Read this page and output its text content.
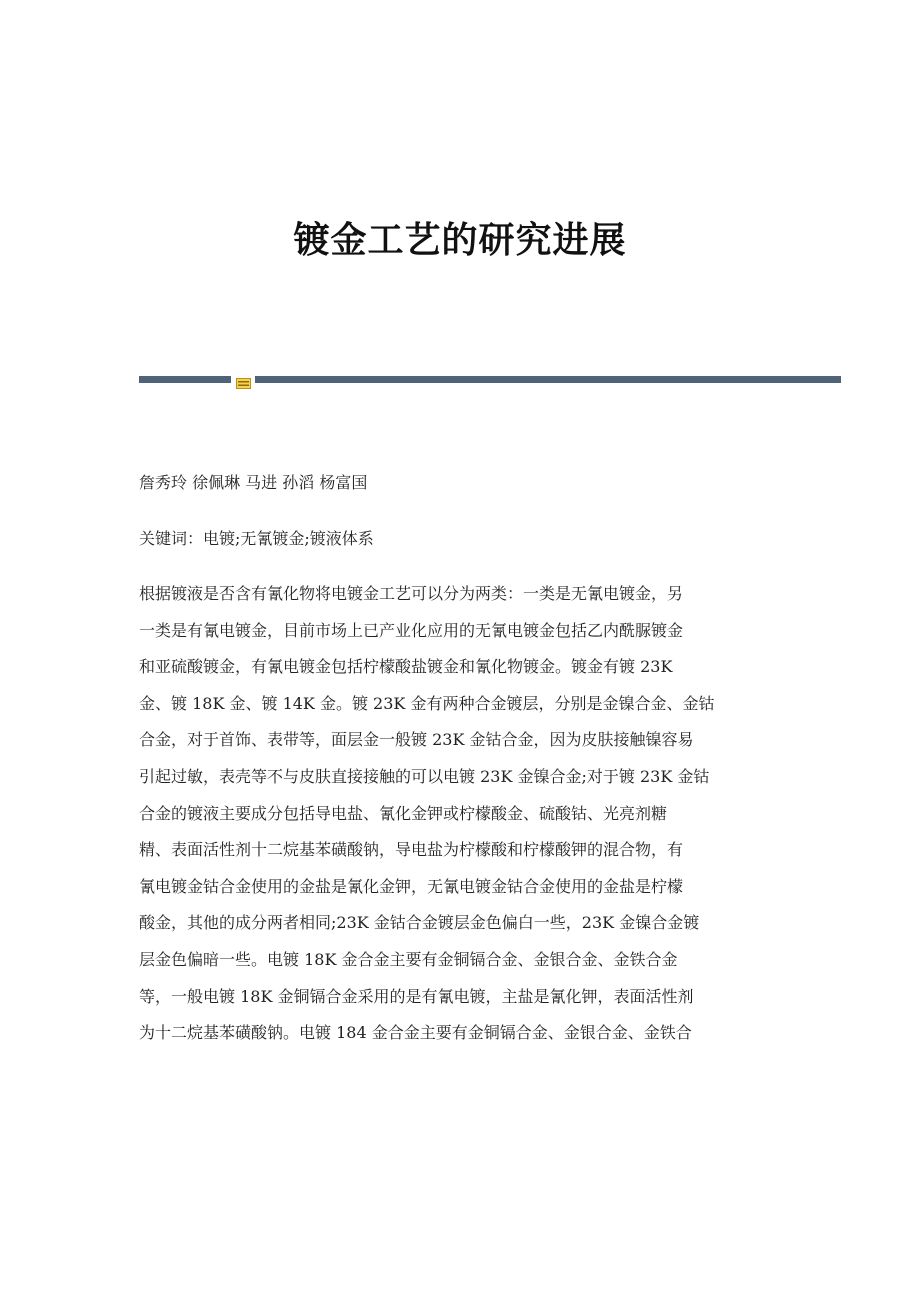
镀金工艺的研究进展
詹秀玲 徐佩琳 马进 孙滔 杨富国
关键词：电镀;无氰镀金;镀液体系
根据镀液是否含有氰化物将电镀金工艺可以分为两类：一类是无氰电镀金，另
一类是有氰电镀金，目前市场上已产业化应用的无氰电镀金包括乙内酰脲镀金
和亚硫酸镀金，有氰电镀金包括柠檬酸盐镀金和氰化物镀金。镀金有镀 23K
金、镀 18K 金、镀 14K 金。镀 23K 金有两种合金镀层，分别是金镍合金、金钴
合金，对于首饰、表带等，面层金一般镀 23K 金钴合金，因为皮肤接触镍容易
引起过敏，表壳等不与皮肤直接接触的可以电镀 23K 金镍合金;对于镀 23K 金钴
合金的镀液主要成分包括导电盐、氰化金钾或柠檬酸金、硫酸钴、光亮剂糖
精、表面活性剂十二烷基苯磺酸钠，导电盐为柠檬酸和柠檬酸钾的混合物，有
氰电镀金钴合金使用的金盐是氰化金钾，无氰电镀金钴合金使用的金盐是柠檬
酸金，其他的成分两者相同;23K 金钴合金镀层金色偏白一些，23K 金镍合金镀
层金色偏暗一些。电镀 18K 金合金主要有金铜镉合金、金银合金、金铁合金
等，一般电镀 18K 金铜镉合金采用的是有氰电镀，主盐是氰化钾，表面活性剂
为十二烷基苯磺酸钠。电镀 184 金合金主要有金铜镉合金、金银合金、金铁合
